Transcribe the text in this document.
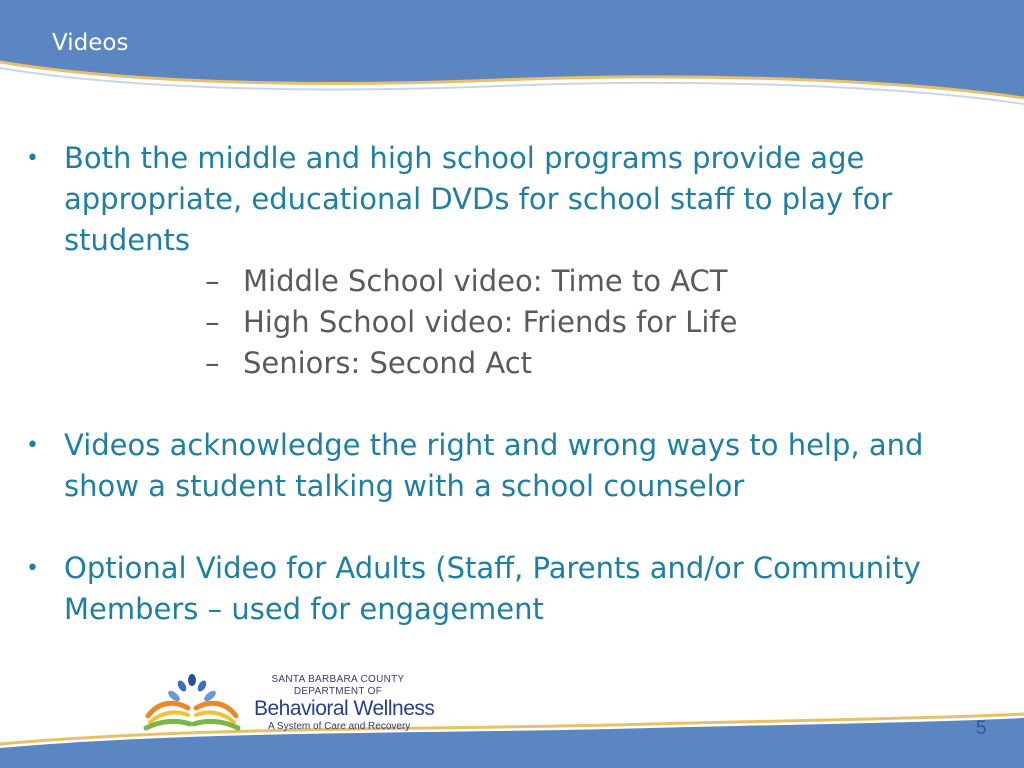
Videos
• Both the middle and high school programs provide age appropriate, educational DVDs for school staff to play for students
– Middle School video: Time to ACT
– High School video: Friends for Life
– Seniors: Second Act
• Videos acknowledge the right and wrong ways to help, and show a student talking with a school counselor
• Optional Video for Adults (Staff, Parents and/or Community Members – used for engagement
SANTA BARBARA COUNTY
DEPARTMENT OF
Behavioral Wellness
A System of Care and Recovery	5
